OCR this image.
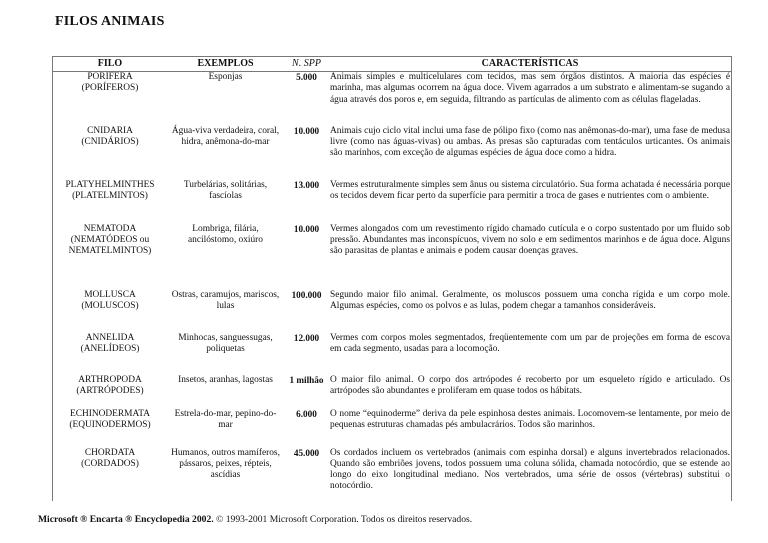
FILOS ANIMAIS
FILO	EXEMPLOS	N. SPP	CARACTERÍSTICAS

PORIFERA
(PORÍFEROS)	Esponjas	5.000	Animais simples e multicelulares com tecidos, mas sem órgãos distintos. A maioria das espécies é marinha, mas algumas ocorrem na água doce. Vivem agarrados a um substrato e alimentam-se sugando a água através dos poros e, em seguida, filtrando as partículas de alimento com as células flageladas.

CNIDARIA
(CNIDÁRIOS)	Água-viva verdadeira, coral, hidra, anêmona-do-mar	10.000	Animais cujo ciclo vital inclui uma fase de pólipo fixo (como nas anêmonas-do-mar), uma fase de medusa livre (como nas águas-vivas) ou ambas. As presas são capturadas com tentáculos urticantes. Os animais são marinhos, com exceção de algumas espécies de água doce como a hidra.

PLATYHELMINTHES
(PLATELMINTOS)	Turbelárias, solitárias, fascíolas	13.000	Vermes estruturalmente simples sem ânus ou sistema circulatório. Sua forma achatada é necessária porque os tecidos devem ficar perto da superfície para permitir a troca de gases e nutrientes com o ambiente.

NEMATODA
(NEMATÓDEOS ou NEMATELMINTOS)	Lombriga, filária, ancilóstomo, oxiúro	10.000	Vermes alongados com um revestimento rígido chamado cutícula e o corpo sustentado por um fluido sob pressão. Abundantes mas inconspícuos, vivem no solo e em sedimentos marinhos e de água doce. Alguns são parasitas de plantas e animais e podem causar doenças graves.

MOLLUSCA
(MOLUSCOS)	Ostras, caramujos, mariscos, lulas	100.000	Segundo maior filo animal. Geralmente, os moluscos possuem uma concha rígida e um corpo mole. Algumas espécies, como os polvos e as lulas, podem chegar a tamanhos consideráveis.

ANNELIDA
(ANELÍDEOS)	Minhocas, sanguessugas, poliquetas	12.000	Vermes com corpos moles segmentados, freqüentemente com um par de projeções em forma de escova em cada segmento, usadas para a locomoção.

ARTHROPODA
(ARTRÓPODES)	Insetos, aranhas, lagostas	1 milhão	O maior filo animal. O corpo dos artrópodes é recoberto por um esqueleto rígido e articulado. Os artrópodes são abundantes e proliferam em quase todos os hábitats.

ECHINODERMATA
(EQUINODERMOS)	Estrela-do-mar, pepino-do-mar	6.000	O nome “equinoderme” deriva da pele espinhosa destes animais. Locomovem-se lentamente, por meio de pequenas estruturas chamadas pés ambulacrários. Todos são marinhos.

CHORDATA
(CORDADOS)	Humanos, outros mamíferos, pássaros, peixes, répteis, ascídias	45.000	Os cordados incluem os vertebrados (animais com espinha dorsal) e alguns invertebrados relacionados. Quando são embriões jovens, todos possuem uma coluna sólida, chamada notocórdio, que se estende ao longo do eixo longitudinal mediano. Nos vertebrados, uma série de ossos (vértebras) substitui o notocórdio.
Microsoft ® Encarta ® Encyclopedia 2002. © 1993-2001 Microsoft Corporation. Todos os direitos reservados.
